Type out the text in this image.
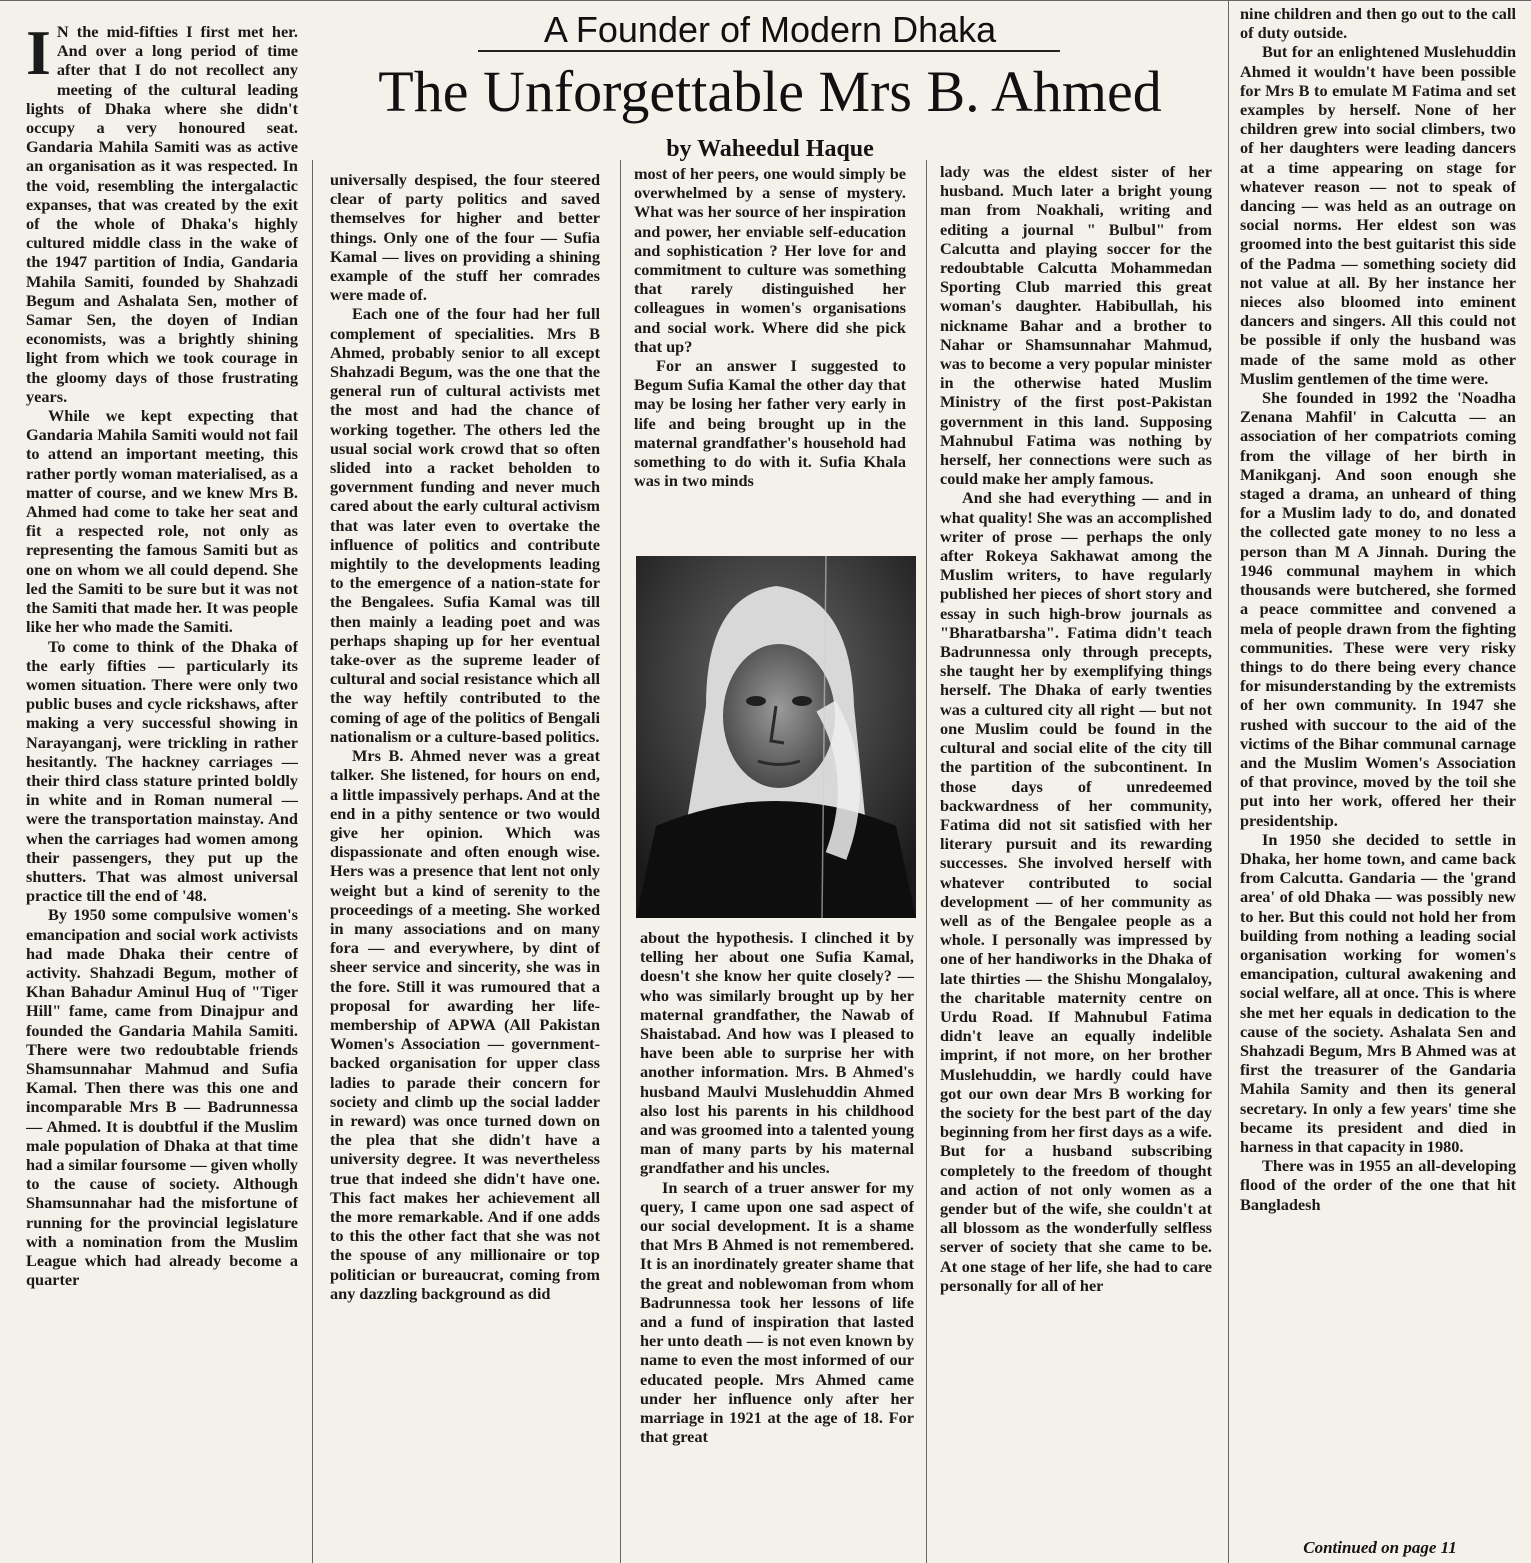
A Founder of Modern Dhaka
The Unforgettable Mrs B. Ahmed
by Waheedul Haque
I N the mid-fifties I first met her. And over a long period of time after that I do not recollect any meeting of the cultural leading lights of Dhaka where she didn't occupy a very honoured seat. Gandaria Mahila Samiti was as active an organisation as it was respected. In the void, resembling the intergalactic expanses, that was created by the exit of the whole of Dhaka's highly cultured middle class in the wake of the 1947 partition of India, Gandaria Mahila Samiti, founded by Shahzadi Begum and Ashalata Sen, mother of Samar Sen, the doyen of Indian economists, was a brightly shining light from which we took courage in the gloomy days of those frustrating years.

While we kept expecting that Gandaria Mahila Samiti would not fail to attend an important meeting, this rather portly woman materialised, as a matter of course, and we knew Mrs B. Ahmed had come to take her seat and fit a respected role, not only as representing the famous Samiti but as one on whom we all could depend. She led the Samiti to be sure but it was not the Samiti that made her. It was people like her who made the Samiti.

To come to think of the Dhaka of the early fifties — particularly its women situation. There were only two public buses and cycle rickshaws, after making a very successful showing in Narayanganj, were trickling in rather hesitantly. The hackney carriages — their third class stature printed boldly in white and in Roman numeral — were the transportation mainstay. And when the carriages had women among their passengers, they put up the shutters. That was almost universal practice till the end of '48.

By 1950 some compulsive women's emancipation and social work activists had made Dhaka their centre of activity. Shahzadi Begum, mother of Khan Bahadur Aminul Huq of "Tiger Hill" fame, came from Dinajpur and founded the Gandaria Mahila Samiti. There were two redoubtable friends Shamsunnahar Mahmud and Sufia Kamal. Then there was this one and incomparable Mrs B — Badrunnessa — Ahmed. It is doubtful if the Muslim male population of Dhaka at that time had a similar foursome — given wholly to the cause of society. Although Shamsunnahar had the misfortune of running for the provincial legislature with a nomination from the Muslim League which had already become a quarter

universally despised, the four steered clear of party politics and saved themselves for higher and better things. Only one of the four — Sufia Kamal — lives on providing a shining example of the stuff her comrades were made of.

Each one of the four had her full complement of specialities. Mrs B Ahmed, probably senior to all except Shahzadi Begum, was the one that the general run of cultural activists met the most and had the chance of working together. The others led the usual social work crowd that so often slided into a racket beholden to government funding and never much cared about the early cultural activism that was later even to overtake the influence of politics and contribute mightily to the developments leading to the emergence of a nation-state for the Bengalees. Sufia Kamal was till then mainly a leading poet and was perhaps shaping up for her eventual take-over as the supreme leader of cultural and social resistance which all the way heftily contributed to the coming of age of the politics of Bengali nationalism or a culture-based politics.

Mrs B. Ahmed never was a great talker. She listened, for hours on end, a little impassively perhaps. And at the end in a pithy sentence or two would give her opinion. Which was dispassionate and often enough wise. Hers was a presence that lent not only weight but a kind of serenity to the proceedings of a meeting. She worked in many associations and on many fora — and everywhere, by dint of sheer service and sincerity, she was in the fore. Still it was rumoured that a proposal for awarding her life-membership of APWA (All Pakistan Women's Association — government-backed organisation for upper class ladies to parade their concern for society and climb up the social ladder in reward) was once turned down on the plea that she didn't have a university degree. It was nevertheless true that indeed she didn't have one. This fact makes her achievement all the more remarkable. And if one adds to this the other fact that she was not the spouse of any millionaire or top politician or bureaucrat, coming from any dazzling background as did

most of her peers, one would simply be overwhelmed by a sense of mystery. What was her source of her inspiration and power, her enviable self-education and sophistication ? Her love for and commitment to culture was something that rarely distinguished her colleagues in women's organisations and social work. Where did she pick that up?

For an answer I suggested to Begum Sufia Kamal the other day that may be losing her father very early in life and being brought up in the maternal grandfather's household had something to do with it. Sufia Khala was in two minds

about the hypothesis. I clinched it by telling her about one Sufia Kamal, doesn't she know her quite closely? — who was similarly brought up by her maternal grandfather, the Nawab of Shaistabad. And how was I pleased to have been able to surprise her with another information. Mrs. B Ahmed's husband Maulvi Muslehuddin Ahmed also lost his parents in his childhood and was groomed into a talented young man of many parts by his maternal grandfather and his uncles.

In search of a truer answer for my query, I came upon one sad aspect of our social development. It is a shame that Mrs B Ahmed is not remembered. It is an inordinately greater shame that the great and noblewoman from whom Badrunnessa took her lessons of life and a fund of inspiration that lasted her unto death — is not even known by name to even the most informed of our educated people. Mrs Ahmed came under her influence only after her marriage in 1921 at the age of 18. For that great

lady was the eldest sister of her husband. Much later a bright young man from Noakhali, writing and editing a journal " Bulbul" from Calcutta and playing soccer for the redoubtable Calcutta Mohammedan Sporting Club married this great woman's daughter. Habibullah, his nickname Bahar and a brother to Nahar or Shamsunnahar Mahmud, was to become a very popular minister in the otherwise hated Muslim Ministry of the first post-Pakistan government in this land. Supposing Mahnubul Fatima was nothing by herself, her connections were such as could make her amply famous.

And she had everything — and in what quality! She was an accomplished writer of prose — perhaps the only after Rokeya Sakhawat among the Muslim writers, to have regularly published her pieces of short story and essay in such high-brow journals as "Bharatbarsha". Fatima didn't teach Badrunnessa only through precepts, she taught her by exemplifying things herself. The Dhaka of early twenties was a cultured city all right — but not one Muslim could be found in the cultural and social elite of the city till the partition of the subcontinent. In those days of unredeemed backwardness of her community, Fatima did not sit satisfied with her literary pursuit and its rewarding successes. She involved herself with whatever contributed to social development — of her community as well as of the Bengalee people as a whole. I personally was impressed by one of her handiworks in the Dhaka of late thirties — the Shishu Mongalaloy, the charitable maternity centre on Urdu Road. If Mahnubul Fatima didn't leave an equally indelible imprint, if not more, on her brother Muslehuddin, we hardly could have got our own dear Mrs B working for the society for the best part of the day beginning from her first days as a wife. But for a husband subscribing completely to the freedom of thought and action of not only women as a gender but of the wife, she couldn't at all blossom as the wonderfully selfless server of society that she came to be. At one stage of her life, she had to care personally for all of her

nine children and then go out to the call of duty outside.

But for an enlightened Muslehuddin Ahmed it wouldn't have been possible for Mrs B to emulate M Fatima and set examples by herself. None of her children grew into social climbers, two of her daughters were leading dancers at a time appearing on stage for whatever reason — not to speak of dancing — was held as an outrage on social norms. Her eldest son was groomed into the best guitarist this side of the Padma — something society did not value at all. By her instance her nieces also bloomed into eminent dancers and singers. All this could not be possible if only the husband was made of the same mold as other Muslim gentlemen of the time were.

She founded in 1992 the 'Noadha Zenana Mahfil' in Calcutta — an association of her compatriots coming from the village of her birth in Manikganj. And soon enough she staged a drama, an unheard of thing for a Muslim lady to do, and donated the collected gate money to no less a person than M A Jinnah. During the 1946 communal mayhem in which thousands were butchered, she formed a peace committee and convened a mela of people drawn from the fighting communities. These were very risky things to do there being every chance for misunderstanding by the extremists of her own community. In 1947 she rushed with succour to the aid of the victims of the Bihar communal carnage and the Muslim Women's Association of that province, moved by the toil she put into her work, offered her their presidentship.

In 1950 she decided to settle in Dhaka, her home town, and came back from Calcutta. Gandaria — the 'grand area' of old Dhaka — was possibly new to her. But this could not hold her from building from nothing a leading social organisation working for women's emancipation, cultural awakening and social welfare, all at once. This is where she met her equals in dedication to the cause of the society. Ashalata Sen and Shahzadi Begum, Mrs B Ahmed was at first the treasurer of the Gandaria Mahila Samity and then its general secretary. In only a few years' time she became its president and died in harness in that capacity in 1980.

There was in 1955 an all-developing flood of the order of the one that hit Bangladesh

Continued on page 11
